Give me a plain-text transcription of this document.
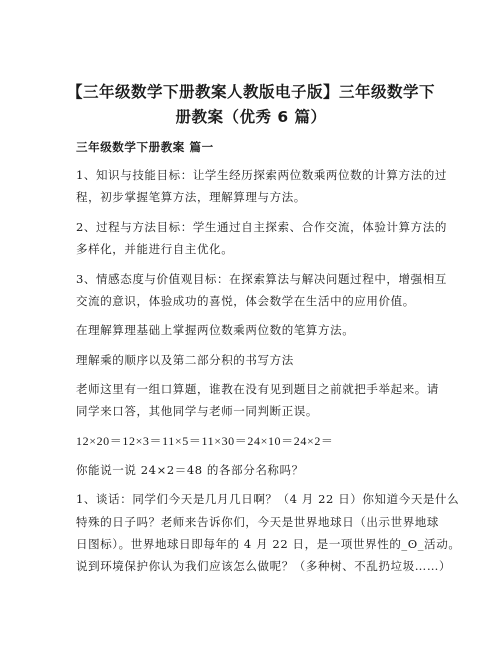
【三年级数学下册教案人教版电子版】三年级数学下
册教案（优秀 6 篇）
三年级数学下册教案 篇一
1、知识与技能目标：让学生经历探索两位数乘两位数的计算方法的过
程，初步掌握笔算方法，理解算理与方法。
2、过程与方法目标：学生通过自主探索、合作交流，体验计算方法的
多样化，并能进行自主优化。
3、情感态度与价值观目标：在探索算法与解决问题过程中，增强相互
交流的意识，体验成功的喜悦，体会数学在生活中的应用价值。
在理解算理基础上掌握两位数乘两位数的笔算方法。
理解乘的顺序以及第二部分积的书写方法
老师这里有一组口算题，谁教在没有见到题目之前就把手举起来。请
同学来口答，其他同学与老师一同判断正误。
12×20＝12×3＝11×5＝11×30＝24×10＝24×2＝
你能说一说 24×2＝48 的各部分名称吗？
1、谈话：同学们今天是几月几日啊？（4 月 22 日）你知道今天是什么
特殊的日子吗？老师来告诉你们，今天是世界地球日（出示世界地球
日图标）。世界地球日即每年的 4 月 22 日，是一项世界性的_ʘ_活动。
说到环境保护你认为我们应该怎么做呢？（多种树、不乱扔垃圾……）
